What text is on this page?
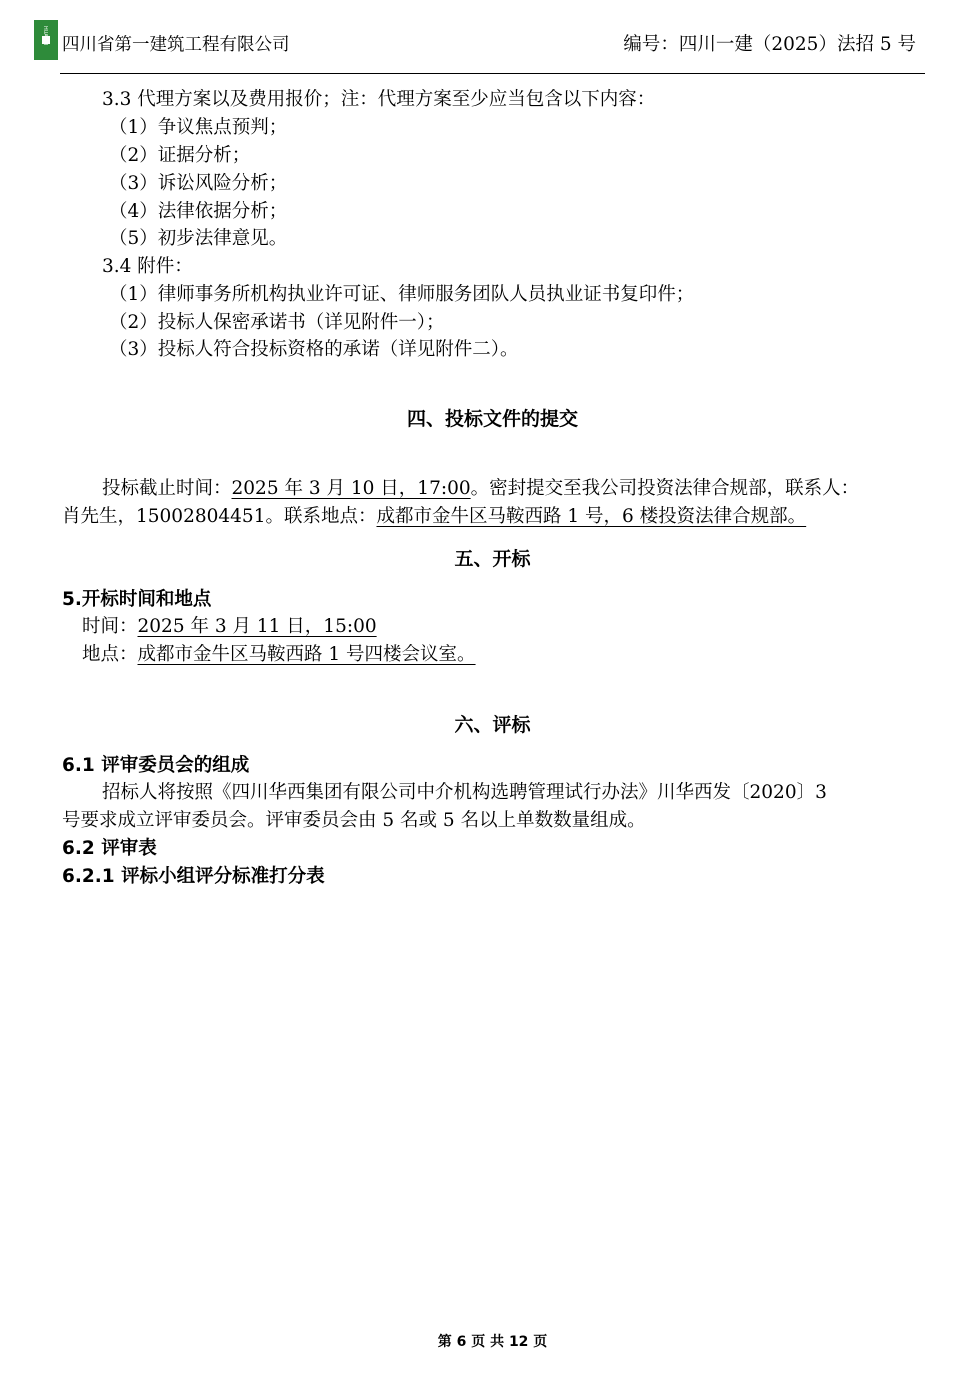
HUASHI 四川省第一建筑工程有限公司	编号：四川一建（2025）法招 5 号
3.3 代理方案以及费用报价；注：代理方案至少应当包含以下内容：
（1）争议焦点预判；
（2）证据分析；
（3）诉讼风险分析；
（4）法律依据分析；
（5）初步法律意见。
3.4 附件：
（1）律师事务所机构执业许可证、律师服务团队人员执业证书复印件；
（2）投标人保密承诺书（详见附件一）；
（3）投标人符合投标资格的承诺（详见附件二）。
四、投标文件的提交
投标截止时间：2025 年 3 月 10 日，17:00。密封提交至我公司投资法律合规部，联系人：
肖先生，15002804451。联系地点：成都市金牛区马鞍西路 1 号，6 楼投资法律合规部。
五、开标
5.开标时间和地点
时间：2025 年 3 月 11 日，15:00
地点：成都市金牛区马鞍西路 1 号四楼会议室。
六、评标
6.1 评审委员会的组成
招标人将按照《四川华西集团有限公司中介机构选聘管理试行办法》川华西发〔2020〕3
号要求成立评审委员会。评审委员会由 5 名或 5 名以上单数数量组成。
6.2 评审表
6.2.1 评标小组评分标准打分表
第 6 页 共 12 页
